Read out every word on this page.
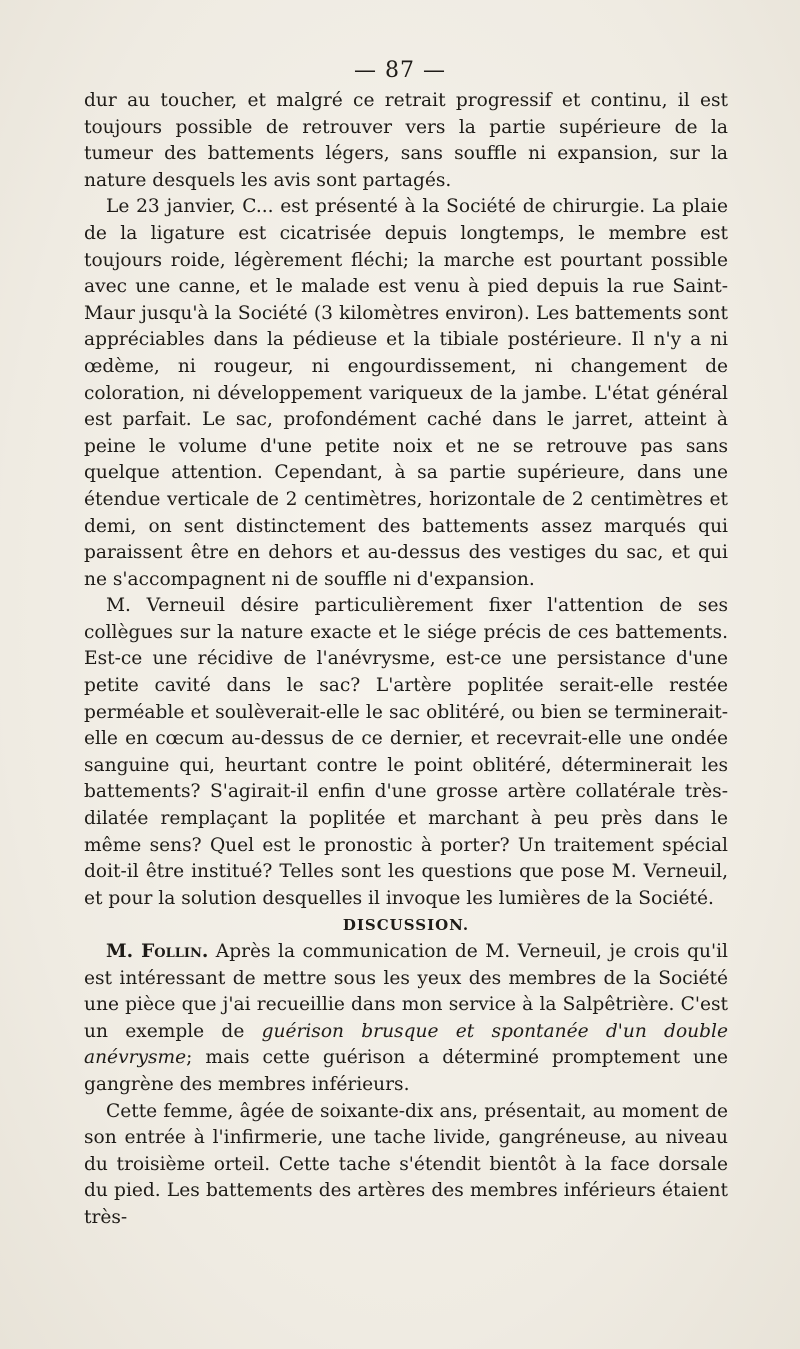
— 87 —

dur au toucher, et malgré ce retrait progressif et continu, il est toujours possible de retrouver vers la partie supérieure de la tumeur des battements légers, sans souffle ni expansion, sur la nature desquels les avis sont partagés.

Le 23 janvier, C... est présenté à la Société de chirurgie. La plaie de la ligature est cicatrisée depuis longtemps, le membre est toujours roide, légèrement fléchi; la marche est pourtant possible avec une canne, et le malade est venu à pied depuis la rue Saint-Maur jusqu'à la Société (3 kilomètres environ). Les battements sont appréciables dans la pédieuse et la tibiale postérieure. Il n'y a ni œdème, ni rougeur, ni engourdissement, ni changement de coloration, ni développement variqueux de la jambe. L'état général est parfait. Le sac, profondément caché dans le jarret, atteint à peine le volume d'une petite noix et ne se retrouve pas sans quelque attention. Cependant, à sa partie supérieure, dans une étendue verticale de 2 centimètres, horizontale de 2 centimètres et demi, on sent distinctement des battements assez marqués qui paraissent être en dehors et au-dessus des vestiges du sac, et qui ne s'accompagnent ni de souffle ni d'expansion.

M. Verneuil désire particulièrement fixer l'attention de ses collègues sur la nature exacte et le siége précis de ces battements. Est-ce une récidive de l'anévrysme, est-ce une persistance d'une petite cavité dans le sac? L'artère poplitée serait-elle restée perméable et soulèverait-elle le sac oblitéré, ou bien se terminerait-elle en cœcum au-dessus de ce dernier, et recevrait-elle une ondée sanguine qui, heurtant contre le point oblitéré, déterminerait les battements? S'agirait-il enfin d'une grosse artère collatérale très-dilatée remplaçant la poplitée et marchant à peu près dans le même sens? Quel est le pronostic à porter? Un traitement spécial doit-il être institué? Telles sont les questions que pose M. Verneuil, et pour la solution desquelles il invoque les lumières de la Société.

DISCUSSION.

M. Follin. Après la communication de M. Verneuil, je crois qu'il est intéressant de mettre sous les yeux des membres de la Société une pièce que j'ai recueillie dans mon service à la Salpêtrière. C'est un exemple de guérison brusque et spontanée d'un double anévrysme; mais cette guérison a déterminé promptement une gangrène des membres inférieurs.

Cette femme, âgée de soixante-dix ans, présentait, au moment de son entrée à l'infirmerie, une tache livide, gangréneuse, au niveau du troisième orteil. Cette tache s'étendit bientôt à la face dorsale du pied. Les battements des artères des membres inférieurs étaient très-
